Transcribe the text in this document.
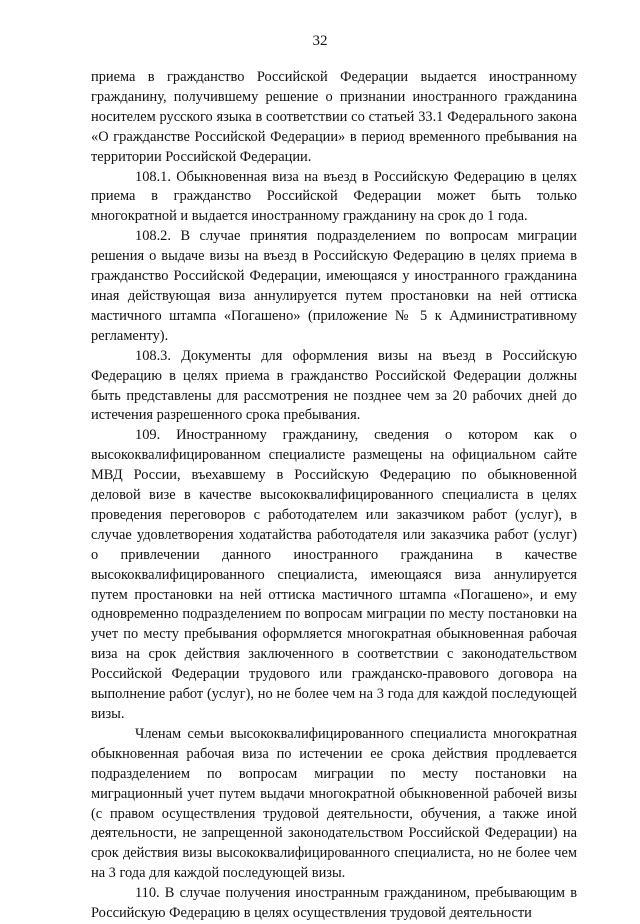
32

приема в гражданство Российской Федерации выдается иностранному гражданину, получившему решение о признании иностранного гражданина носителем русского языка в соответствии со статьей 33.1 Федерального закона «О гражданстве Российской Федерации» в период временного пребывания на территории Российской Федерации.

108.1. Обыкновенная виза на въезд в Российскую Федерацию в целях приема в гражданство Российской Федерации может быть только многократной и выдается иностранному гражданину на срок до 1 года.

108.2. В случае принятия подразделением по вопросам миграции решения о выдаче визы на въезд в Российскую Федерацию в целях приема в гражданство Российской Федерации, имеющаяся у иностранного гражданина иная действующая виза аннулируется путем простановки на ней оттиска мастичного штампа «Погашено» (приложение № 5 к Административному регламенту).

108.3. Документы для оформления визы на въезд в Российскую Федерацию в целях приема в гражданство Российской Федерации должны быть представлены для рассмотрения не позднее чем за 20 рабочих дней до истечения разрешенного срока пребывания.

109. Иностранному гражданину, сведения о котором как о высококвалифицированном специалисте размещены на официальном сайте МВД России, въехавшему в Российскую Федерацию по обыкновенной деловой визе в качестве высококвалифицированного специалиста в целях проведения переговоров с работодателем или заказчиком работ (услуг), в случае удовлетворения ходатайства работодателя или заказчика работ (услуг) о привлечении данного иностранного гражданина в качестве высококвалифицированного специалиста, имеющаяся виза аннулируется путем простановки на ней оттиска мастичного штампа «Погашено», и ему одновременно подразделением по вопросам миграции по месту постановки на учет по месту пребывания оформляется многократная обыкновенная рабочая виза на срок действия заключенного в соответствии с законодательством Российской Федерации трудового или гражданско-правового договора на выполнение работ (услуг), но не более чем на 3 года для каждой последующей визы.

Членам семьи высококвалифицированного специалиста многократная обыкновенная рабочая виза по истечении ее срока действия продлевается подразделением по вопросам миграции по месту постановки на миграционный учет путем выдачи многократной обыкновенной рабочей визы (с правом осуществления трудовой деятельности, обучения, а также иной деятельности, не запрещенной законодательством Российской Федерации) на срок действия визы высококвалифицированного специалиста, но не более чем на 3 года для каждой последующей визы.

110. В случае получения иностранным гражданином, пребывающим в Российскую Федерацию в целях осуществления трудовой деятельности
